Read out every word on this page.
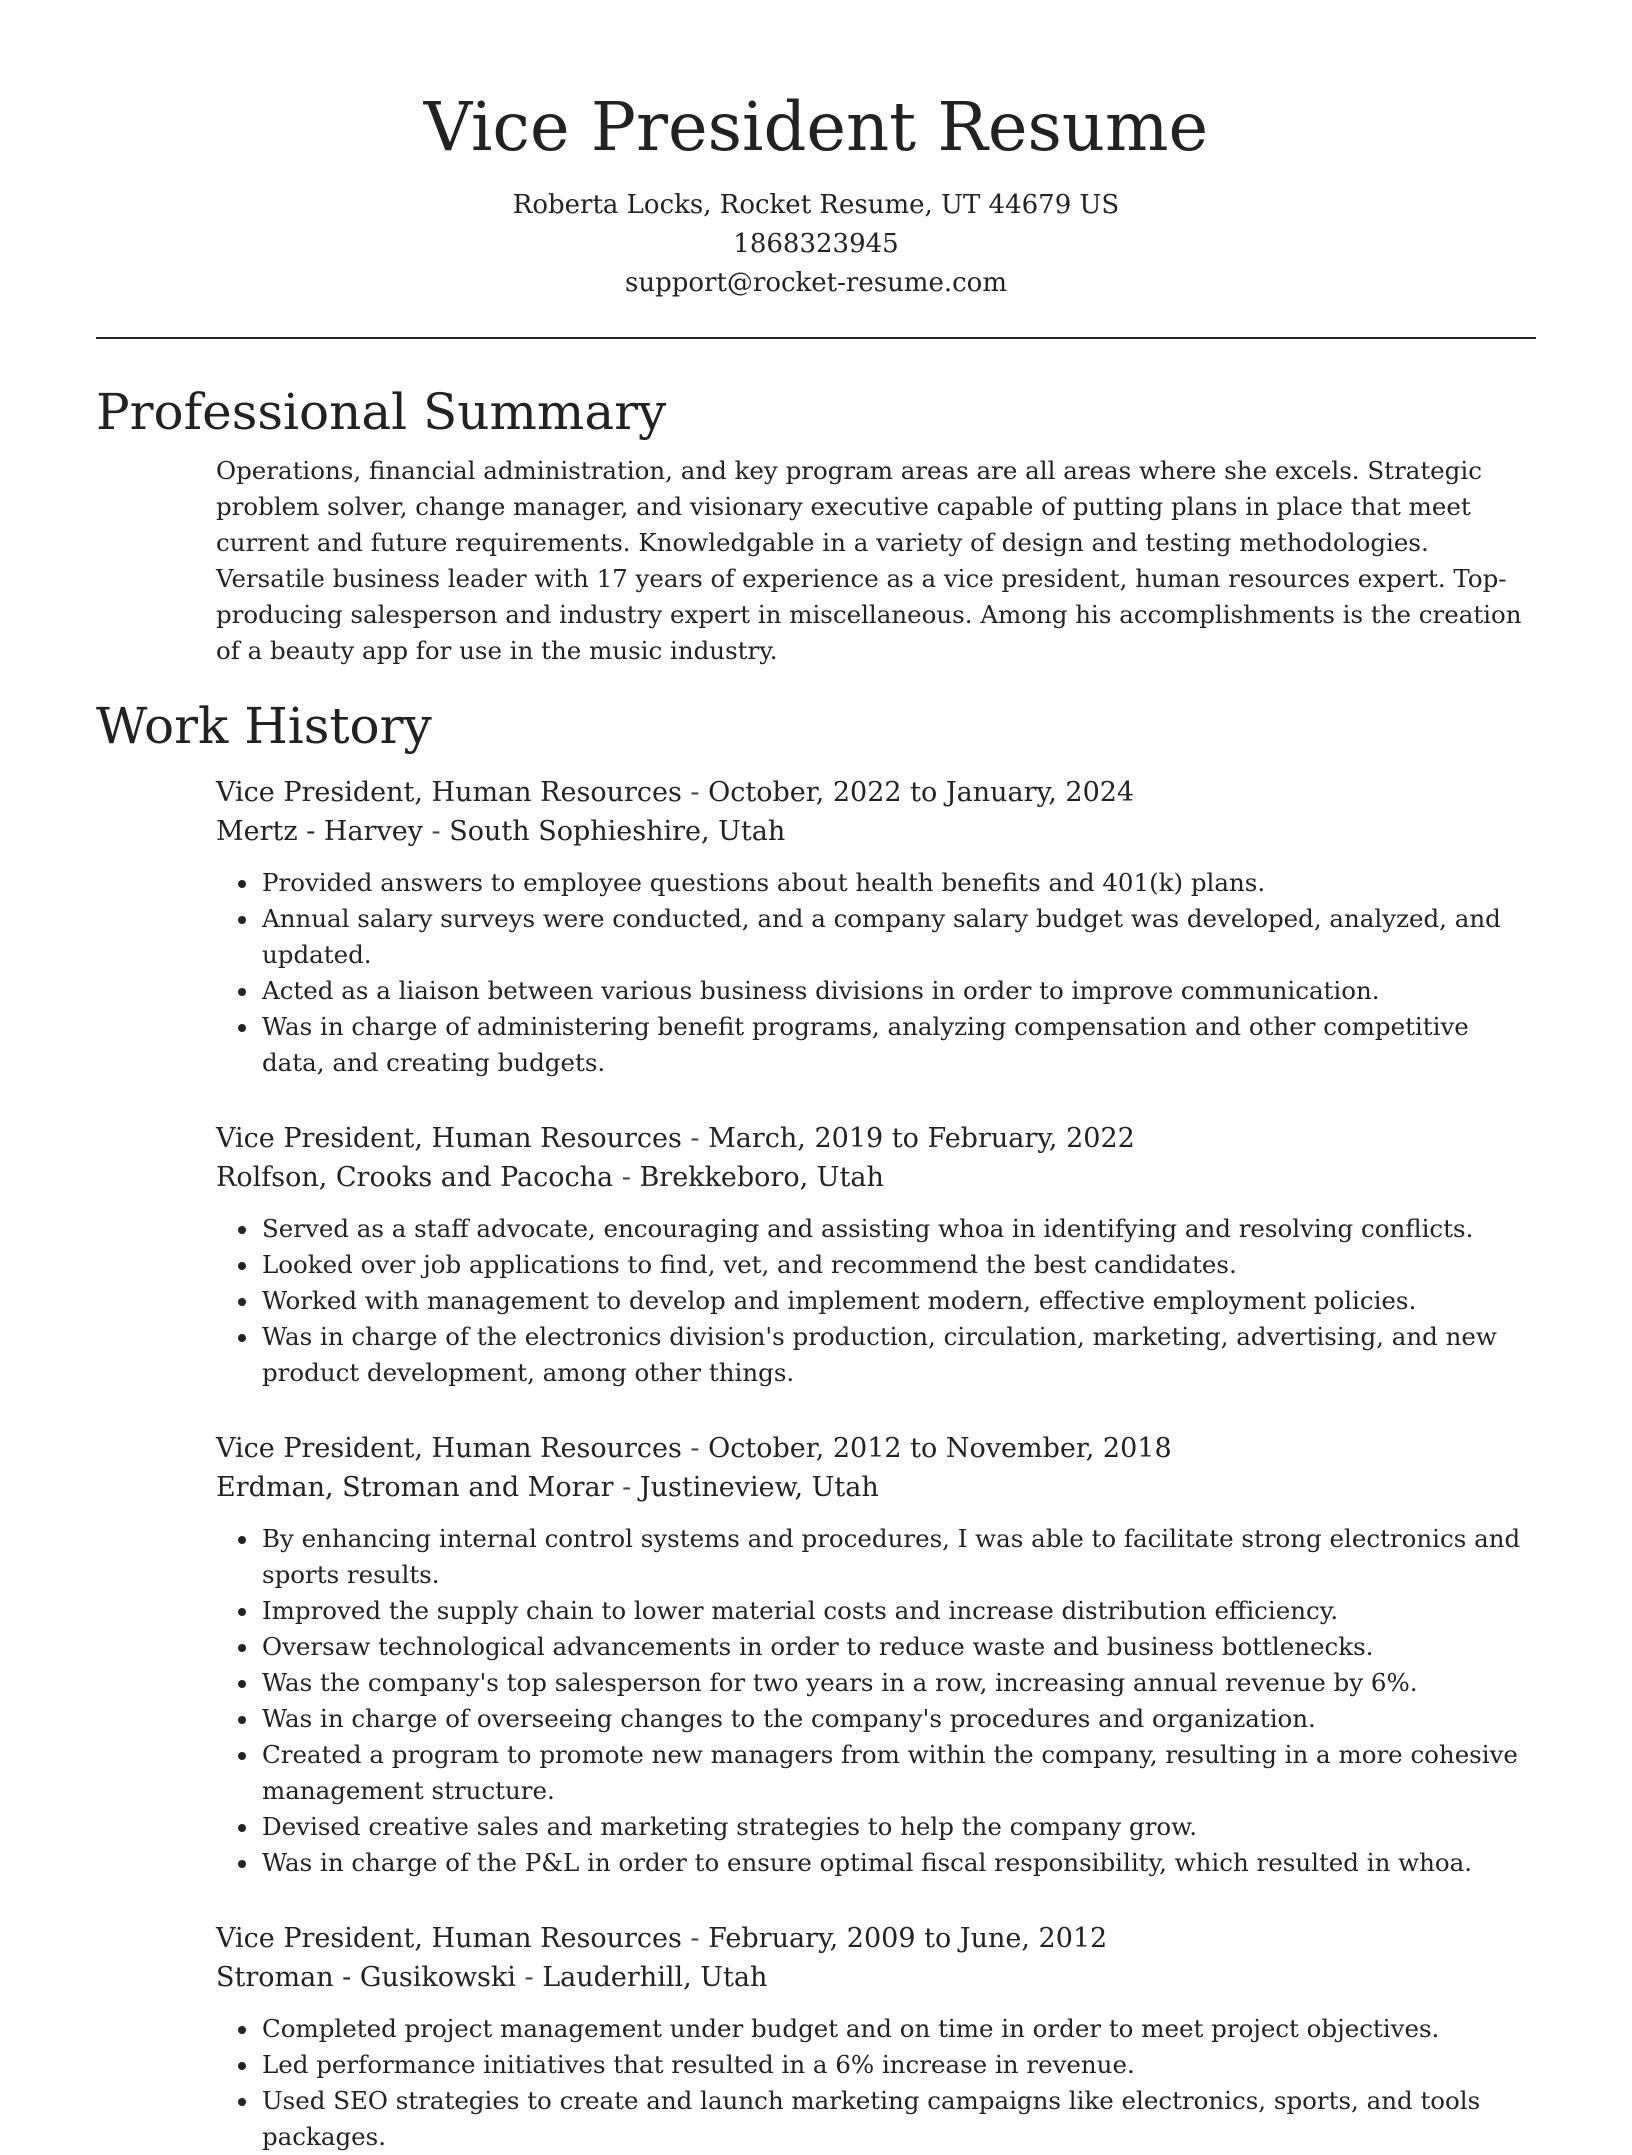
Vice President Resume

Roberta Locks, Rocket Resume, UT 44679 US

1868323945

support@rocket-resume.com

Professional Summary

Operations, financial administration, and key program areas are all areas where she excels. Strategic problem solver, change manager, and visionary executive capable of putting plans in place that meet current and future requirements. Knowledgable in a variety of design and testing methodologies. Versatile business leader with 17 years of experience as a vice president, human resources expert. Top-producing salesperson and industry expert in miscellaneous. Among his accomplishments is the creation of a beauty app for use in the music industry.

Work History

Vice President, Human Resources - October, 2022 to January, 2024

Mertz - Harvey - South Sophieshire, Utah

• Provided answers to employee questions about health benefits and 401(k) plans.
• Annual salary surveys were conducted, and a company salary budget was developed, analyzed, and updated.
• Acted as a liaison between various business divisions in order to improve communication.
• Was in charge of administering benefit programs, analyzing compensation and other competitive data, and creating budgets.

Vice President, Human Resources - March, 2019 to February, 2022

Rolfson, Crooks and Pacocha - Brekkeboro, Utah

• Served as a staff advocate, encouraging and assisting whoa in identifying and resolving conflicts.
• Looked over job applications to find, vet, and recommend the best candidates.
• Worked with management to develop and implement modern, effective employment policies.
• Was in charge of the electronics division's production, circulation, marketing, advertising, and new product development, among other things.

Vice President, Human Resources - October, 2012 to November, 2018

Erdman, Stroman and Morar - Justineview, Utah

• By enhancing internal control systems and procedures, I was able to facilitate strong electronics and sports results.
• Improved the supply chain to lower material costs and increase distribution efficiency.
• Oversaw technological advancements in order to reduce waste and business bottlenecks.
• Was the company's top salesperson for two years in a row, increasing annual revenue by 6%.
• Was in charge of overseeing changes to the company's procedures and organization.
• Created a program to promote new managers from within the company, resulting in a more cohesive management structure.
• Devised creative sales and marketing strategies to help the company grow.
• Was in charge of the P&L in order to ensure optimal fiscal responsibility, which resulted in whoa.

Vice President, Human Resources - February, 2009 to June, 2012

Stroman - Gusikowski - Lauderhill, Utah

• Completed project management under budget and on time in order to meet project objectives.
• Led performance initiatives that resulted in a 6% increase in revenue.
• Used SEO strategies to create and launch marketing campaigns like electronics, sports, and tools packages.
